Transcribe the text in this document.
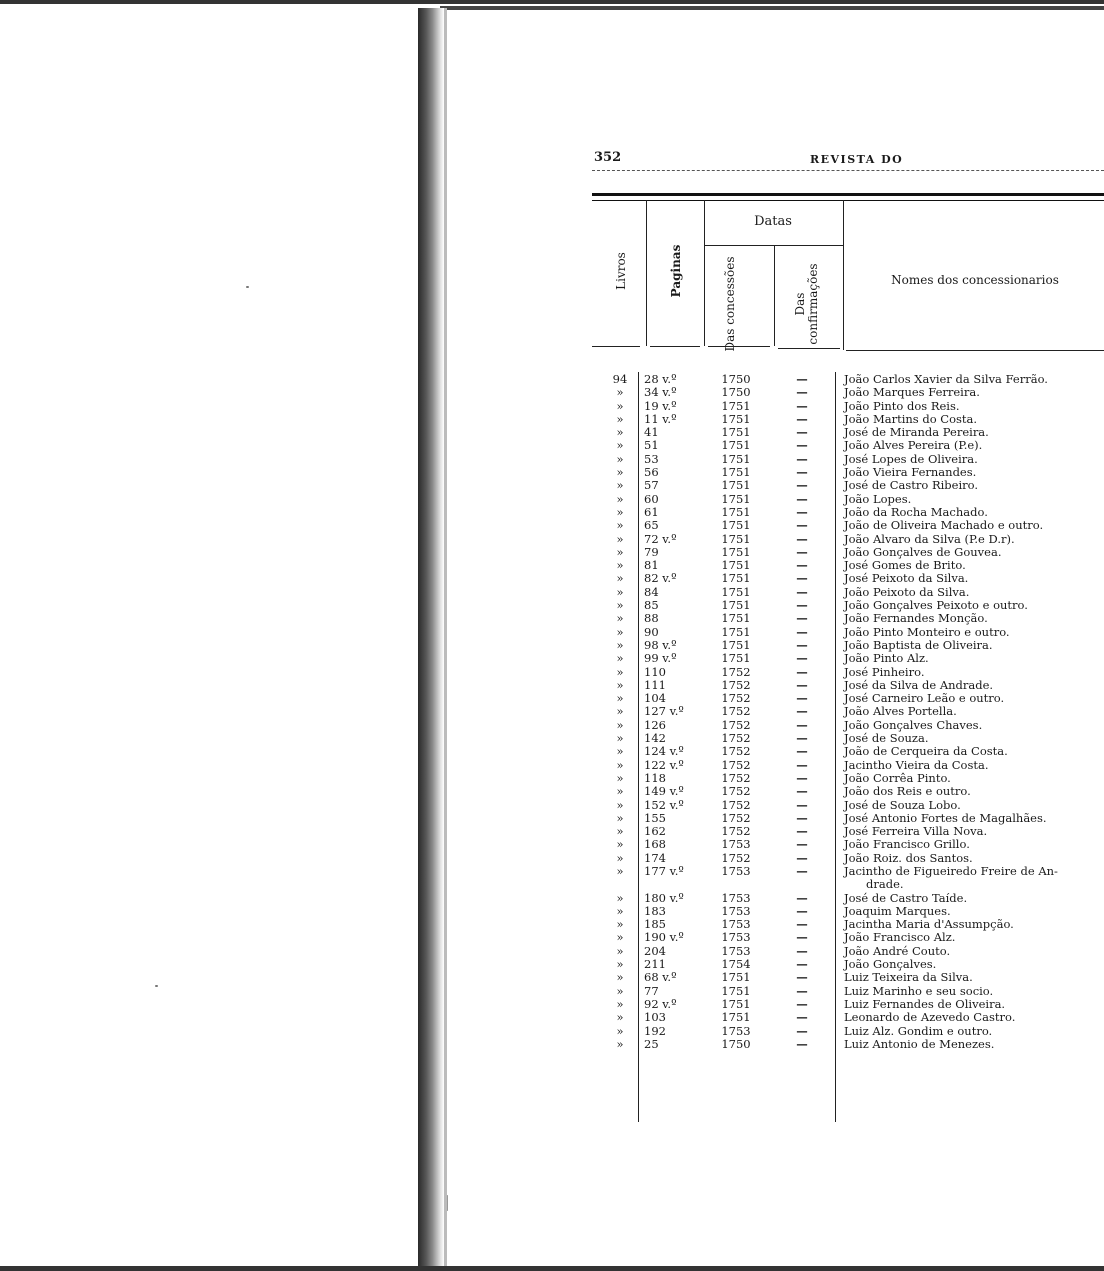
352	REVISTA DO
Livros	Paginas
Datas
Das concessões	Das confirmações	Nomes dos concessionarios
94	28 v.º	1750	—	João Carlos Xavier da Silva Ferrão.
»	34 v.º	1750	—	João Marques Ferreira.
»	19 v.º	1751	—	João Pinto dos Reis.
»	11 v.º	1751	—	João Martins do Costa.
»	41	1751	—	José de Miranda Pereira.
»	51	1751	—	João Alves Pereira (P.e).
»	53	1751	—	José Lopes de Oliveira.
»	56	1751	—	João Vieira Fernandes.
»	57	1751	—	José de Castro Ribeiro.
»	60	1751	—	João Lopes.
»	61	1751	—	João da Rocha Machado.
»	65	1751	—	João de Oliveira Machado e outro.
»	72 v.º	1751	—	João Alvaro da Silva (P.e D.r).
»	79	1751	—	João Gonçalves de Gouvea.
»	81	1751	—	José Gomes de Brito.
»	82 v.º	1751	—	José Peixoto da Silva.
»	84	1751	—	João Peixoto da Silva.
»	85	1751	—	João Gonçalves Peixoto e outro.
»	88	1751	—	João Fernandes Monção.
»	90	1751	—	João Pinto Monteiro e outro.
»	98 v.º	1751	—	João Baptista de Oliveira.
»	99 v.º	1751	—	João Pinto Alz.
»	110	1752	—	José Pinheiro.
»	111	1752	—	José da Silva de Andrade.
»	104	1752	—	José Carneiro Leão e outro.
»	127 v.º	1752	—	João Alves Portella.
»	126	1752	—	João Gonçalves Chaves.
»	142	1752	—	José de Souza.
»	124 v.º	1752	—	João de Cerqueira da Costa.
»	122 v.º	1752	—	Jacintho Vieira da Costa.
»	118	1752	—	João Corrêa Pinto.
»	149 v.º	1752	—	João dos Reis e outro.
»	152 v.º	1752	—	José de Souza Lobo.
»	155	1752	—	José Antonio Fortes de Magalhães.
»	162	1752	—	José Ferreira Villa Nova.
»	168	1753	—	João Francisco Grillo.
»	174	1752	—	João Roiz. dos Santos.
»	177 v.º	1753	—	Jacintho de Figueiredo Freire de An-
drade.
»	180 v.º	1753	—	José de Castro Taíde.
»	183	1753	—	Joaquim Marques.
»	185	1753	—	Jacintha Maria d'Assumpção.
»	190 v.º	1753	—	João Francisco Alz.
»	204	1753	—	João André Couto.
»	211	1754	—	João Gonçalves.
»	68 v.º	1751	—	Luiz Teixeira da Silva.
»	77	1751	—	Luiz Marinho e seu socio.
»	92 v.º	1751	—	Luiz Fernandes de Oliveira.
»	103	1751	—	Leonardo de Azevedo Castro.
»	192	1753	—	Luiz Alz. Gondim e outro.
»	25	1750	—	Luiz Antonio de Menezes.
